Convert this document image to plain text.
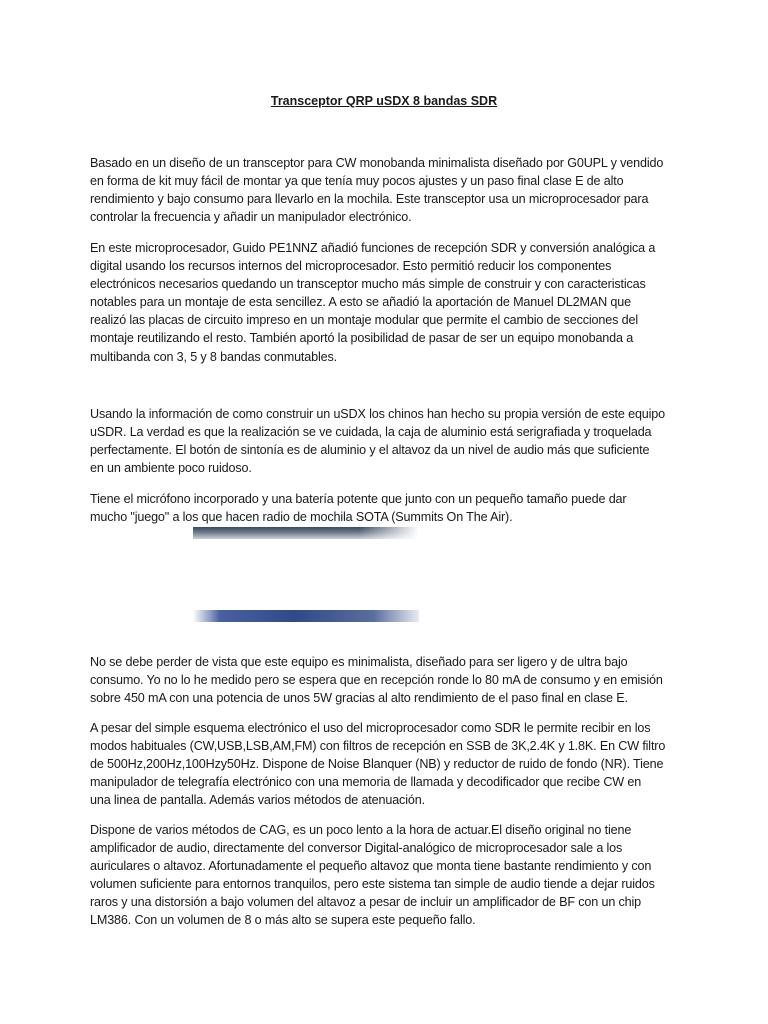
Transceptor QRP uSDX 8 bandas SDR

Basado en un diseño de un transceptor para CW monobanda minimalista diseñado por G0UPL y vendido
en forma de kit muy fácil de montar ya que tenía muy pocos ajustes y un paso final clase E de alto
rendimiento y bajo consumo para llevarlo en la mochila. Este transceptor usa un microprocesador para
controlar la frecuencia y añadir un manipulador electrónico.

En este microprocesador, Guido PE1NNZ añadió funciones de recepción SDR y conversión analógica a
digital usando los recursos internos del microprocesador. Esto permitió reducir los componentes
electrónicos necesarios quedando un transceptor mucho más simple de construir y con caracteristicas
notables para un montaje de esta sencillez. A esto se añadió la aportación de Manuel DL2MAN que
realizó las placas de circuito impreso en un montaje modular que permite el cambio de secciones del
montaje reutilizando el resto. También aportó la posibilidad de pasar de ser un equipo monobanda a
multibanda con 3, 5 y 8 bandas conmutables.

Usando la información de como construir un uSDX los chinos han hecho su propia versión de este equipo
uSDR. La verdad es que la realización se ve cuidada, la caja de aluminio está serigrafiada y troquelada
perfectamente. El botón de sintonía es de aluminio y el altavoz da un nivel de audio más que suficiente
en un ambiente poco ruidoso.

Tiene el micrófono incorporado y una batería potente que junto con un pequeño tamaño puede dar
mucho "juego" a los que hacen radio de mochila SOTA (Summits On The Air).

No se debe perder de vista que este equipo es minimalista, diseñado para ser ligero y de ultra bajo
consumo. Yo no lo he medido pero se espera que en recepción ronde lo 80 mA de consumo y en emisión
sobre 450 mA con una potencia de unos 5W gracias al alto rendimiento de el paso final en clase E.

A pesar del simple esquema electrónico el uso del microprocesador como SDR le permite recibir en los
modos habituales (CW,USB,LSB,AM,FM) con filtros de recepción en SSB de 3K,2.4K y 1.8K. En CW filtro
de 500Hz,200Hz,100Hzy50Hz. Dispone de Noise Blanquer (NB) y reductor de ruido de fondo (NR). Tiene
manipulador de telegrafía electrónico con una memoria de llamada y decodificador que recibe CW en
una linea de pantalla. Además varios métodos de atenuación.

Dispone de varios métodos de CAG, es un poco lento a la hora de actuar.El diseño original no tiene
amplificador de audio, directamente del conversor Digital-analógico de microprocesador sale a los
auriculares o altavoz. Afortunadamente el pequeño altavoz que monta tiene bastante rendimiento y con
volumen suficiente para entornos tranquilos, pero este sistema tan simple de audio tiende a dejar ruidos
raros y una distorsión a bajo volumen del altavoz a pesar de incluir un amplificador de BF con un chip
LM386. Con un volumen de 8 o más alto se supera este pequeño fallo.
